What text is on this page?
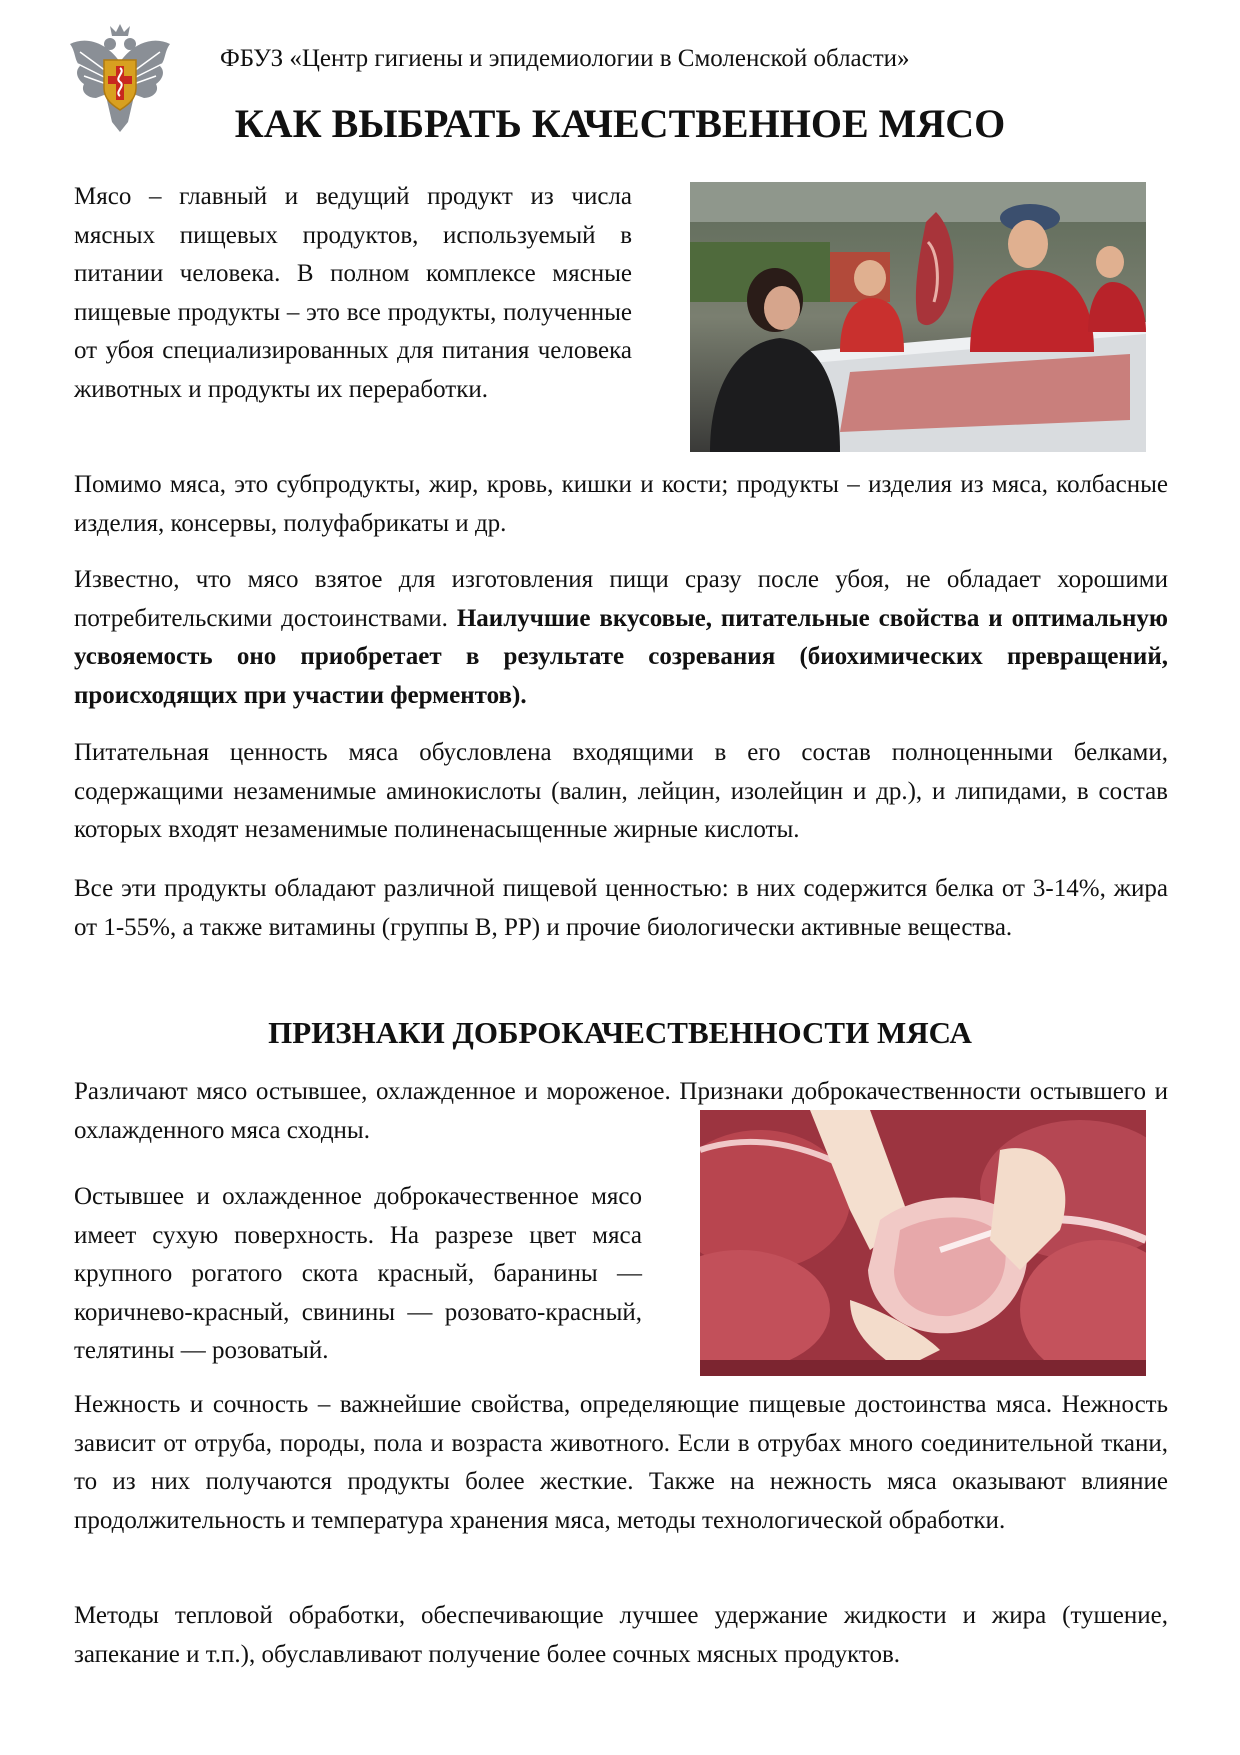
ФБУЗ «Центр гигиены и эпидемиологии в Смоленской области»
КАК ВЫБРАТЬ КАЧЕСТВЕННОЕ МЯСО

Мясо – главный и ведущий продукт из числа мясных пищевых продуктов, используемый в питании человека. В полном комплексе мясные пищевые продукты – это все продукты, полученные от убоя специализированных для питания человека животных и продукты их переработки.

Помимо мяса, это субпродукты, жир, кровь, кишки и кости; продукты – изделия из мяса, колбасные изделия, консервы, полуфабрикаты и др.

Известно, что мясо взятое для изготовления пищи сразу после убоя, не обладает хорошими потребительскими достоинствами. Наилучшие вкусовые, питательные свойства и оптимальную усвояемость оно приобретает в результате созревания (биохимических превращений, происходящих при участии ферментов).

Питательная ценность мяса обусловлена входящими в его состав полноценными белками, содержащими незаменимые аминокислоты (валин, лейцин, изолейцин и др.), и липидами, в состав которых входят незаменимые полиненасыщенные жирные кислоты.

Все эти продукты обладают различной пищевой ценностью: в них содержится белка от 3-14%, жира от 1-55%, а также витамины (группы В, РР) и прочие биологически активные вещества.

ПРИЗНАКИ ДОБРОКАЧЕСТВЕННОСТИ МЯСА

Различают мясо остывшее, охлажденное и мороженое. Признаки доброкачественности остывшего и охлажденного мяса сходны.

Остывшее и охлажденное доброкачественное мясо имеет сухую поверхность. На разрезе цвет мяса крупного рогатого скота красный, баранины — коричнево-красный, свинины — розовато-красный, телятины — розоватый.

Нежность и сочность – важнейшие свойства, определяющие пищевые достоинства мяса. Нежность зависит от отруба, породы, пола и возраста животного. Если в отрубах много соединительной ткани, то из них получаются продукты более жесткие. Также на нежность мяса оказывают влияние продолжительность и температура хранения мяса, методы технологической обработки.

Методы тепловой обработки, обеспечивающие лучшее удержание жидкости и жира (тушение, запекание и т.п.), обуславливают получение более сочных мясных продуктов.
